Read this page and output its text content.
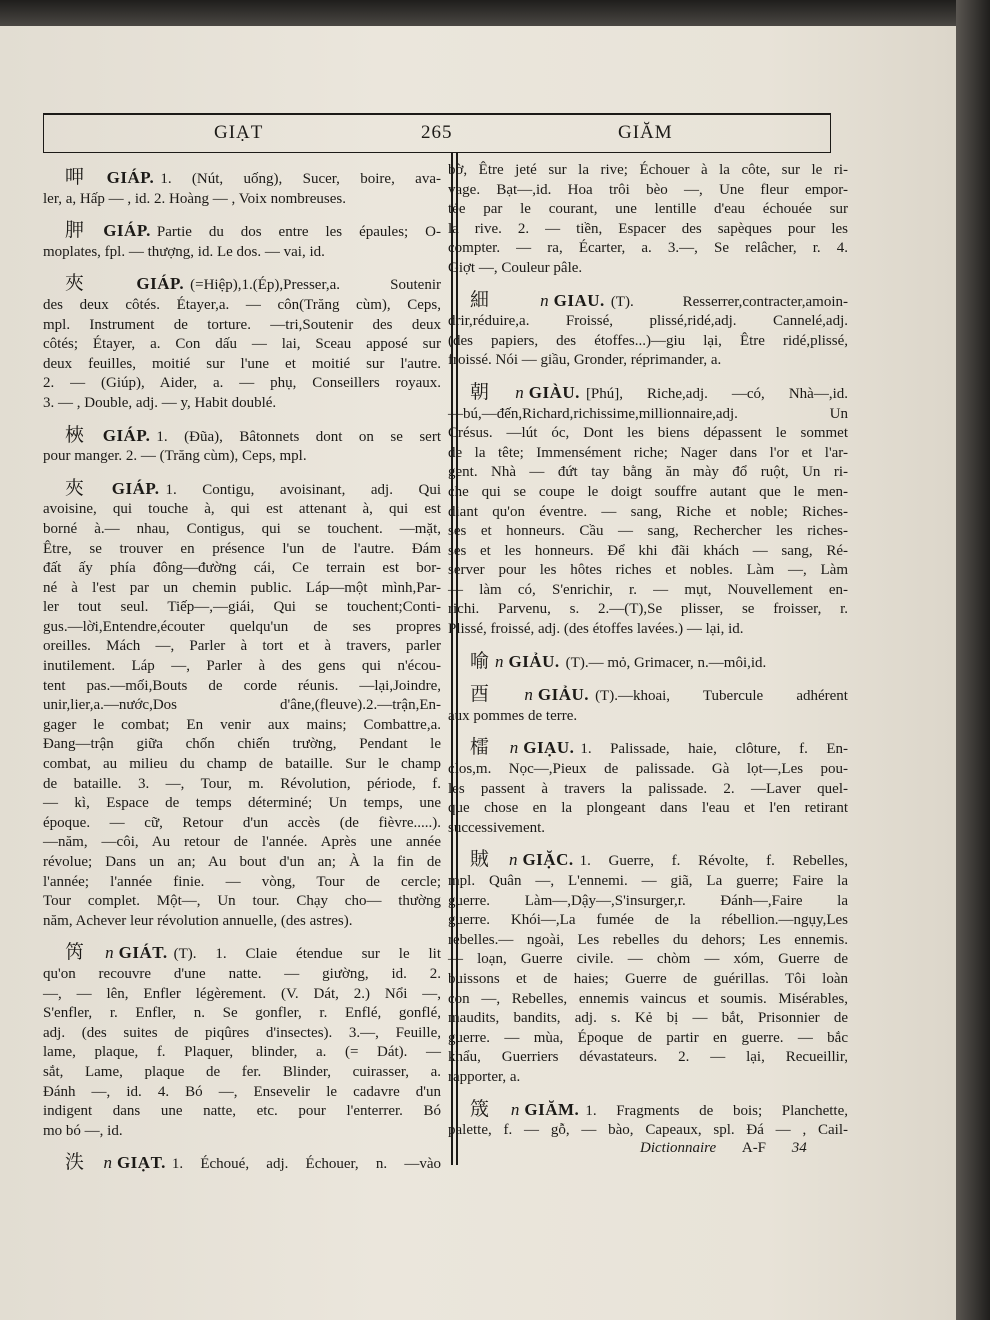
GIẠT	265	GIĂM
呷 GIÁP. 1. (Nút, uống), Sucer, boire, ava-
ler, a, Hấp — , id. 2. Hoàng — , Voix nombreuses.
胛 GIÁP. Partie du dos entre les épaules; O-
moplates, fpl. — thượng, id. Le dos. — vai, id.
夾 GIÁP. (=Hiệp),1.(Ép),Presser,a. Soutenir
des deux côtés. Étayer,a. — côn(Trăng cùm), Ceps,
mpl. Instrument de torture. —tri,Soutenir des deux
côtés; Étayer, a. Con dấu — lai, Sceau apposé sur
deux feuilles, moitié sur l'une et moitié sur l'autre.
2. — (Giúp), Aider, a. — phụ, Conseillers royaux.
3. — , Double, adj. — y, Habit doublé.
梜 GIÁP. 1. (Đũa), Bâtonnets dont on se sert
pour manger. 2. — (Trăng cùm), Ceps, mpl.
夾 GIÁP. 1. Contigu, avoisinant, adj. Qui
avoisine, qui touche à, qui est attenant à, qui est
borné à.— nhau, Contigus, qui se touchent. —mặt,
Être, se trouver en présence l'un de l'autre. Đám
đất ấy phía đông—đường cái, Ce terrain est bor-
né à l'est par un chemin public. Láp—một mình,Par-
ler tout seul. Tiếp—,—giái, Qui se touchent;Conti-
gus.—lời,Entendre,écouter quelqu'un de ses propres
oreilles. Mách —, Parler à tort et à travers, parler
inutilement. Láp —, Parler à des gens qui n'écou-
tent pas.—mối,Bouts de corde réunis. —lại,Joindre,
unir,lier,a.—nước,Dos d'âne,(fleuve).2.—trận,En-
gager le combat; En venir aux mains; Combattre,a.
Đang—trận giữa chốn chiến trường, Pendant le
combat, au milieu du champ de bataille. Sur le champ
de bataille. 3. —, Tour, m. Révolution, période, f.
— kì, Espace de temps déterminé; Un temps, une
époque. — cữ, Retour d'un accès (de fièvre.....).
—năm, —côi, Au retour de l'année. Après une année
révolue; Dans un an; Au bout d'un an; À la fin de
l'année; l'année finie. — vòng, Tour de cercle;
Tour complet. Một—, Un tour. Chạy cho— thường
năm, Achever leur révolution annuelle, (des astres).
笍 n GIÁT. (T). 1. Claie étendue sur le lit
qu'on recouvre d'une natte. — giường, id. 2.
—, — lên, Enfler légèrement. (V. Dát, 2.) Nổi —,
S'enfler, r. Enfler, n. Se gonfler, r. Enflé, gonflé,
adj. (des suites de piqûres d'insectes). 3.—, Feuille,
lame, plaque, f. Plaquer, blinder, a. (= Dát). —
sắt, Lame, plaque de fer. Blinder, cuirasser, a.
Đánh —, id. 4. Bó —, Ensevelir le cadavre d'un
indigent dans une natte, etc. pour l'enterrer. Bó
mo bó —, id.
泆 n GIẠT. 1. Échoué, adj. Échouer, n. —vào
bờ, Être jeté sur la rive; Échouer à la côte, sur le ri-
vage. Bạt—,id. Hoa trôi bèo —, Une fleur empor-
tée par le courant, une lentille d'eau échouée sur
la rive. 2. — tiền, Espacer des sapèques pour les
compter. — ra, Écarter, a. 3.—, Se relâcher, r. 4.
Giợt —, Couleur pâle.
細 n GIAU. (T). Resserrer,contracter,amoin-
drir,réduire,a. Froissé, plissé,ridé,adj. Cannelé,adj.
(des papiers, des étoffes...)—giu lại, Être ridé,plissé,
froissé. Nói — giầu, Gronder, réprimander, a.
朝 n GIÀU. [Phú], Riche,adj. —có, Nhà—,id.
—bú,—đến,Richard,richissime,millionnaire,adj. Un
Crésus. —lút óc, Dont les biens dépassent le sommet
de la tête; Immensément riche; Nager dans l'or et l'ar-
gent. Nhà — đứt tay bằng ăn mày đổ ruột, Un ri-
che qui se coupe le doigt souffre autant que le men-
diant qu'on éventre. — sang, Riche et noble; Riches-
ses et honneurs. Cầu — sang, Rechercher les riches-
ses et les honneurs. Để khi đãi khách — sang, Ré-
server pour les hôtes riches et nobles. Làm —, Làm
— làm có, S'enrichir, r. — mụt, Nouvellement en-
richi. Parvenu, s. 2.—(T),Se plisser, se froisser, r.
Plissé, froissé, adj. (des étoffes lavées.) — lại, id.
喻 n GIẢU. (T).— mỏ, Grimacer, n.—môi,id.
酉 n GIẢU. (T).—khoai, Tubercule adhérent
aux pommes de terre.
檑 n GIẠU. 1. Palissade, haie, clôture, f. En-
clos,m. Nọc—,Pieux de palissade. Gà lọt—,Les pou-
les passent à travers la palissade. 2. —Laver quel-
que chose en la plongeant dans l'eau et l'en retirant
successivement.
賊 n GIẶC. 1. Guerre, f. Révolte, f. Rebelles,
mpl. Quân —, L'ennemi. — giã, La guerre; Faire la
guerre. Làm—,Dậy—,S'insurger,r. Đánh—,Faire la
guerre. Khói—,La fumée de la rébellion.—ngụy,Les
rebelles.— ngoài, Les rebelles du dehors; Les ennemis.
— loạn, Guerre civile. — chòm — xóm, Guerre de
buissons et de haies; Guerre de guérillas. Tôi loàn
con —, Rebelles, ennemis vaincus et soumis. Misérables,
maudits, bandits, adj. s. Kẻ bị — bắt, Prisonnier de
guerre. — mùa, Époque de partir en guerre. — bắc
khẩu, Guerriers dévastateurs. 2. — lại, Recueillir,
rapporter, a.
筬 n GIĂM. 1. Fragments de bois; Planchette,
palette, f. — gỗ, — bào, Capeaux, spl. Đá — , Cail-
Dictionnaire A-F 34
